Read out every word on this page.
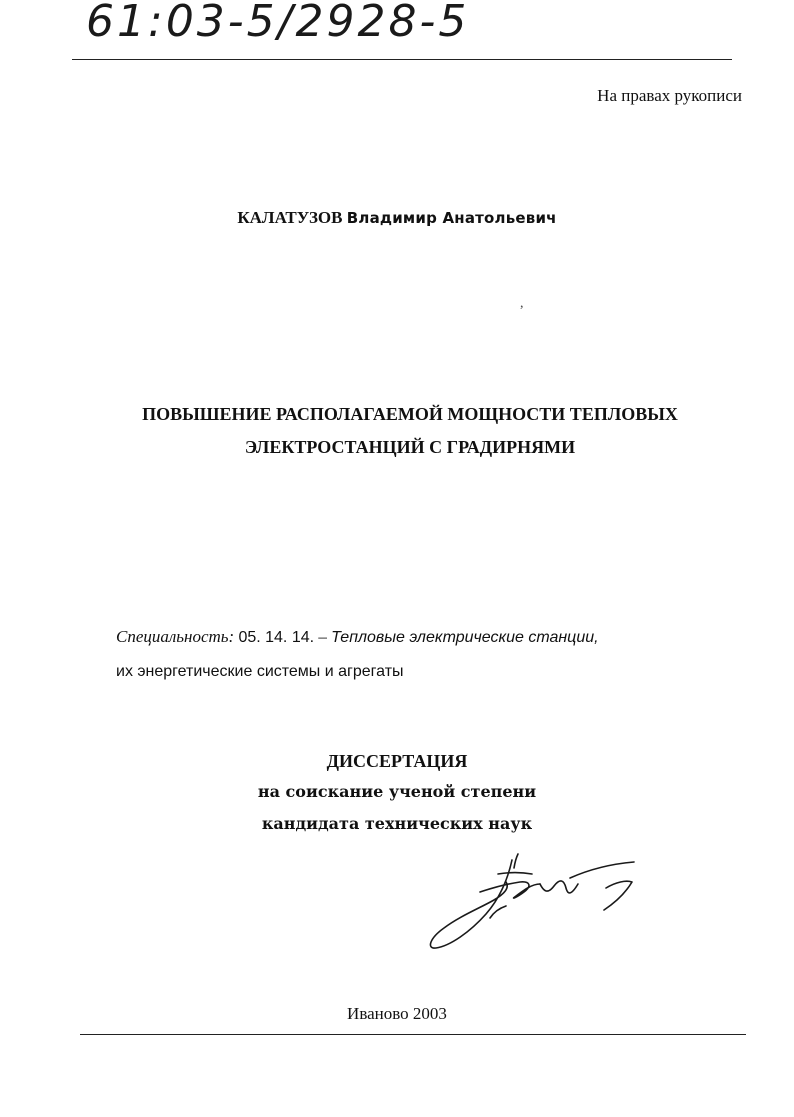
61:03-5/2928-5
На правах рукописи
КАЛАТУЗОВ Владимир Анатольевич
,
ПОВЫШЕНИЕ РАСПОЛАГАЕМОЙ МОЩНОСТИ ТЕПЛОВЫХ
ЭЛЕКТРОСТАНЦИЙ С ГРАДИРНЯМИ
Специальность: 05. 14. 14. – Тепловые электрические станции,
их энергетические системы и агрегаты
ДИССЕРТАЦИЯ
на соискание ученой степени
кандидата технических наук
Иваново 2003
